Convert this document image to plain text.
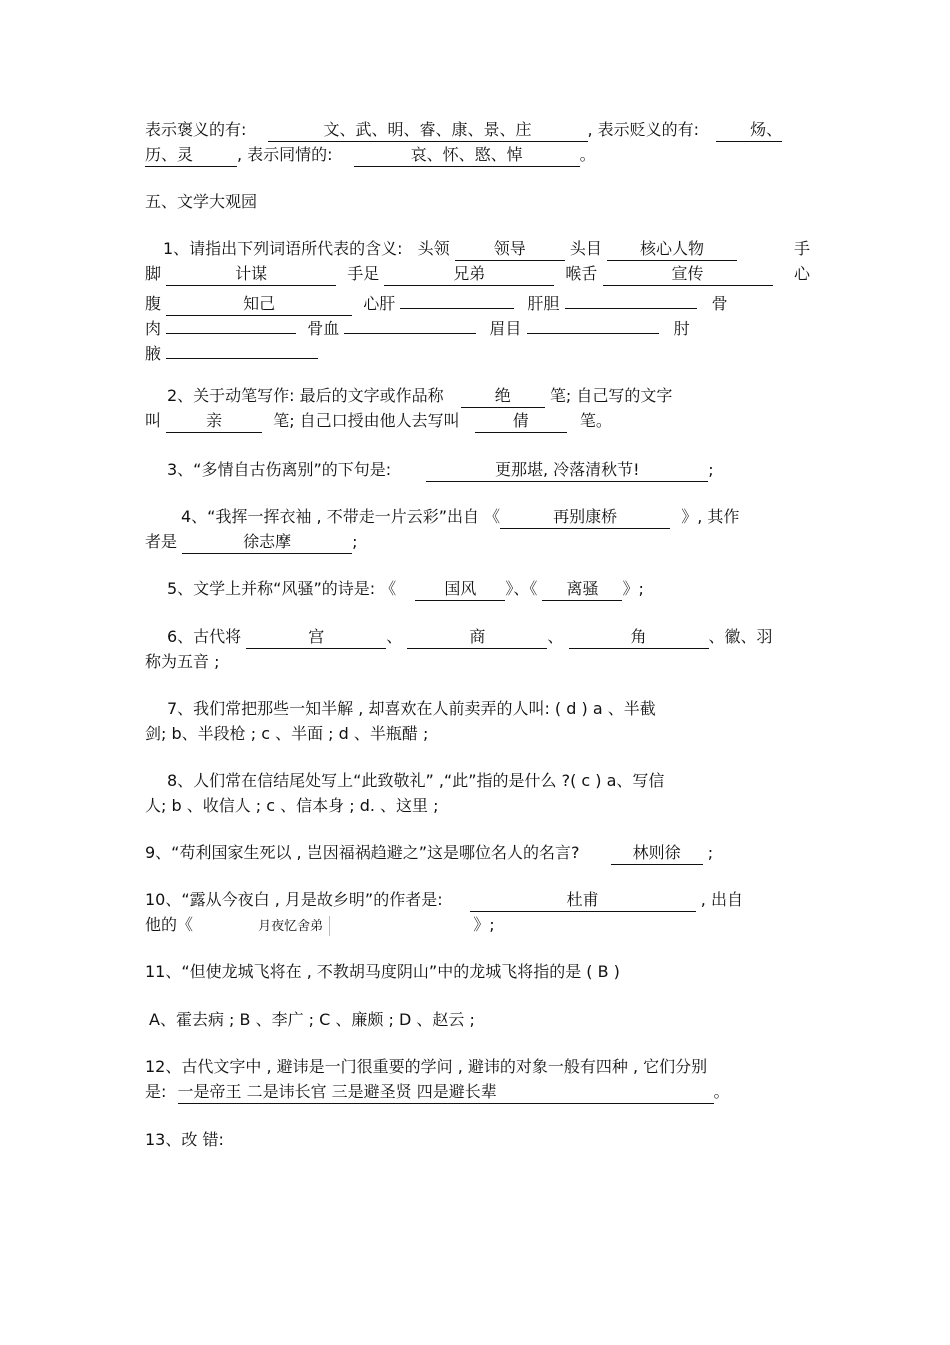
表示褒义的有:	文、武、明、睿、康、景、庄	, 表示贬义的有:	炀、
历、灵	, 表示同情的:	哀、怀、愍、悼	。
五、文学大观园
1、请指出下列词语所代表的含义: 头领	领导	头目 核心人物	手
脚	计谋	手足	兄弟	喉舌	宣传	心
腹	知己	心肝	肝胆	骨
肉	骨血	眉目	肘
腋
2、关于动笔写作: 最后的文字或作品称	绝 笔; 自己写的文字
叫	亲	笔; 自己口授由他人去写叫	倩	笔。
3、“多情自古伤离别”的下句是:	更那堪, 冷落清秋节!	;
4、“我挥一挥衣袖 , 不带走一片云彩”出自 《	再别康桥	》, 其作
者是	徐志摩	;
5、文学上并称“风骚”的诗是: 《	国风 》、《 离骚 》;
6、古代将	宫	、	商	、	角	、徽、羽
称为五音 ;
7、我们常把那些一知半解 , 却喜欢在人前卖弄的人叫: ( d ) a 、半截
剑; b、半段枪 ; c 、半面 ; d 、半瓶醋 ;
8、人们常在信结尾处写上“此致敬礼” ,“此”指的是什么 ?( c ) a、写信
人; b 、收信人 ; c 、信本身 ; d. 、这里 ;
9、“苟利国家生死以 , 岂因福祸趋避之”这是哪位名人的名言?	林则徐 ;
10、“露从今夜白 , 月是故乡明”的作者是:	杜甫	, 出自
他的《	月夜忆舍弟	》;
11、“但使龙城飞将在 , 不教胡马度阴山”中的龙城飞将指的是 ( B )
A、霍去病 ; B 、李广 ; C 、廉颇 ; D 、赵云 ;
12、古代文字中 , 避讳是一门很重要的学问 , 避讳的对象一般有四种 , 它们分别
是: 一是帝王 二是讳长官 三是避圣贤 四是避长辈	。
13、改 错:
